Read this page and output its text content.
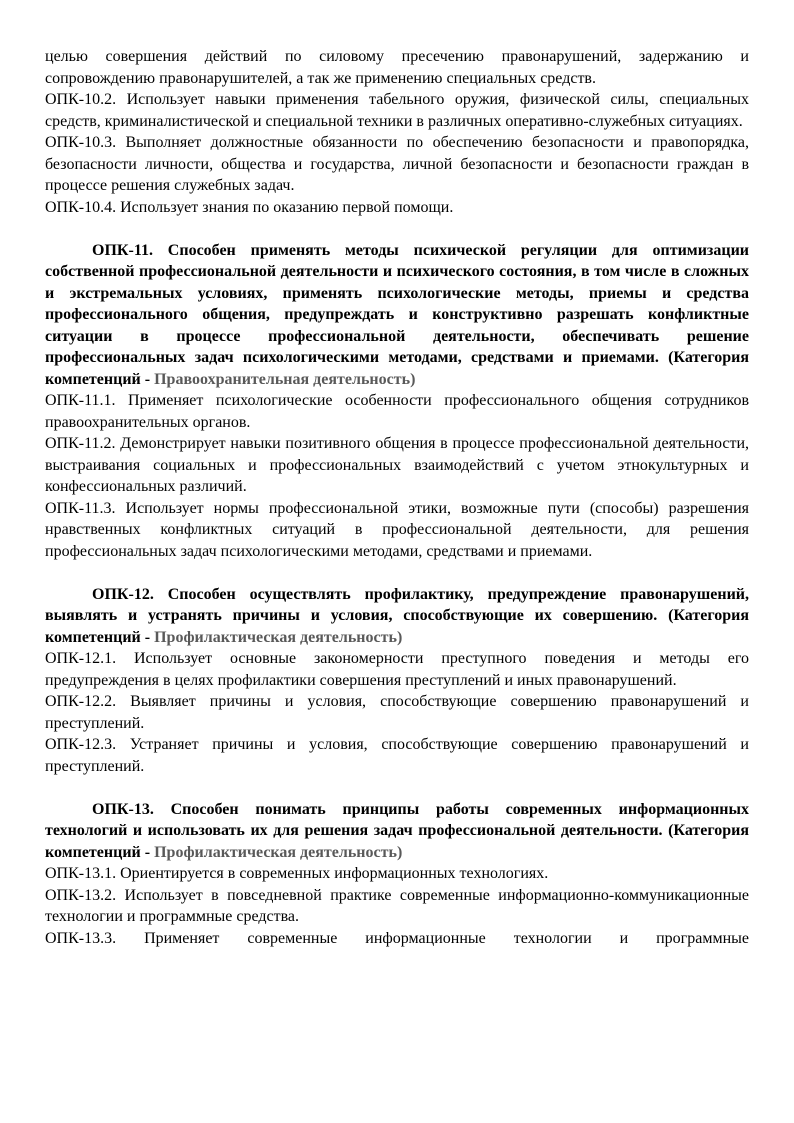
целью совершения действий по силовому пресечению правонарушений, задержанию и сопровождению правонарушителей, а так же применению специальных средств.

ОПК-10.2. Использует навыки применения табельного оружия, физической силы, специальных средств, криминалистической и специальной техники в различных оперативно-служебных ситуациях.

ОПК-10.3. Выполняет должностные обязанности по обеспечению безопасности и правопорядка, безопасности личности, общества и государства, личной безопасности и безопасности граждан в процессе решения служебных задач.

ОПК-10.4. Использует знания по оказанию первой помощи.

ОПК-11. Способен применять методы психической регуляции для оптимизации собственной профессиональной деятельности и психического состояния, в том числе в сложных и экстремальных условиях, применять психологические методы, приемы и средства профессионального общения, предупреждать и конструктивно разрешать конфликтные ситуации в процессе профессиональной деятельности, обеспечивать решение профессиональных задач психологическими методами, средствами и приемами. (Категория компетенций - Правоохранительная деятельность)

ОПК-11.1. Применяет психологические особенности профессионального общения сотрудников правоохранительных органов.

ОПК-11.2. Демонстрирует навыки позитивного общения в процессе профессиональной деятельности, выстраивания социальных и профессиональных взаимодействий с учетом этнокультурных и конфессиональных различий.

ОПК-11.3. Использует нормы профессиональной этики, возможные пути (способы) разрешения нравственных конфликтных ситуаций в профессиональной деятельности, для решения профессиональных задач психологическими методами, средствами и приемами.

ОПК-12. Способен осуществлять профилактику, предупреждение правонарушений, выявлять и устранять причины и условия, способствующие их совершению. (Категория компетенций - Профилактическая деятельность)

ОПК-12.1. Использует основные закономерности преступного поведения и методы его предупреждения в целях профилактики совершения преступлений и иных правонарушений.

ОПК-12.2. Выявляет причины и условия, способствующие совершению правонарушений и преступлений.

ОПК-12.3. Устраняет причины и условия, способствующие совершению правонарушений и преступлений.

ОПК-13. Способен понимать принципы работы современных информационных технологий и использовать их для решения задач профессиональной деятельности. (Категория компетенций - Профилактическая деятельность)

ОПК-13.1. Ориентируется в современных информационных технологиях.

ОПК-13.2. Использует в повседневной практике современные информационно-коммуникационные технологии и программные средства.

ОПК-13.3. Применяет современные информационные технологии и программные
